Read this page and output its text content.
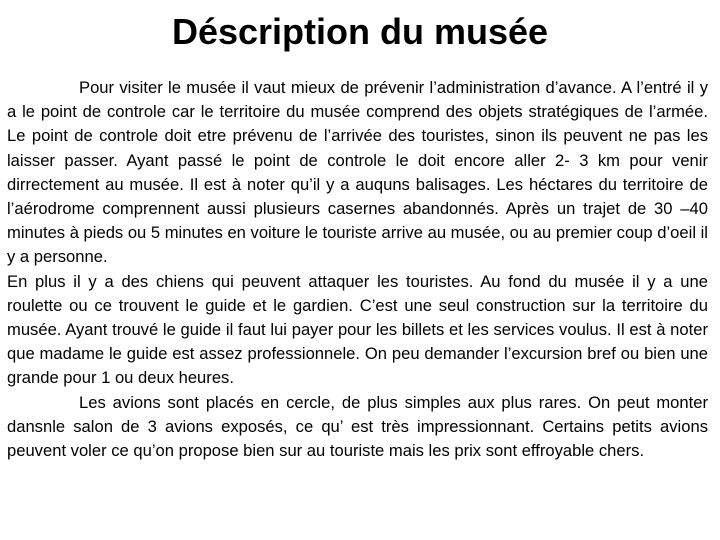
Déscription du musée

Pour visiter le musée il vaut mieux de prévenir l’administration d’avance. A l’entré il y a le point de controle car le territoire du musée comprend des objets stratégiques de l’armée. Le point de controle doit etre prévenu de l’arrivée des touristes, sinon ils peuvent ne pas les laisser passer. Ayant passé le point de controle le doit encore aller 2- 3 km pour venir dirrectement au musée. Il est à noter qu’il y a auquns balisages. Les héctares du territoire de l’aérodrome comprennent aussi plusieurs casernes abandonnés. Après un trajet de 30 –40 minutes à pieds ou 5 minutes en voiture le touriste arrive au musée, ou au premier coup d’oeil il y a personne.

En plus il y a des chiens qui peuvent attaquer les touristes. Au fond du musée il y a une roulette ou ce trouvent le guide et le gardien. C’est une seul construction sur la territoire du musée. Ayant trouvé le guide il faut lui payer pour les billets et les services voulus. Il est à noter que madame le guide est assez professionnele. On peu demander l’excursion bref ou bien une grande pour 1 ou deux heures.

Les avions sont placés en cercle, de plus simples aux plus rares. On peut monter dansnle salon de 3 avions exposés, ce qu’ est très impressionnant. Certains petits avions peuvent voler ce qu’on propose bien sur au touriste mais les prix sont effroyable chers.
